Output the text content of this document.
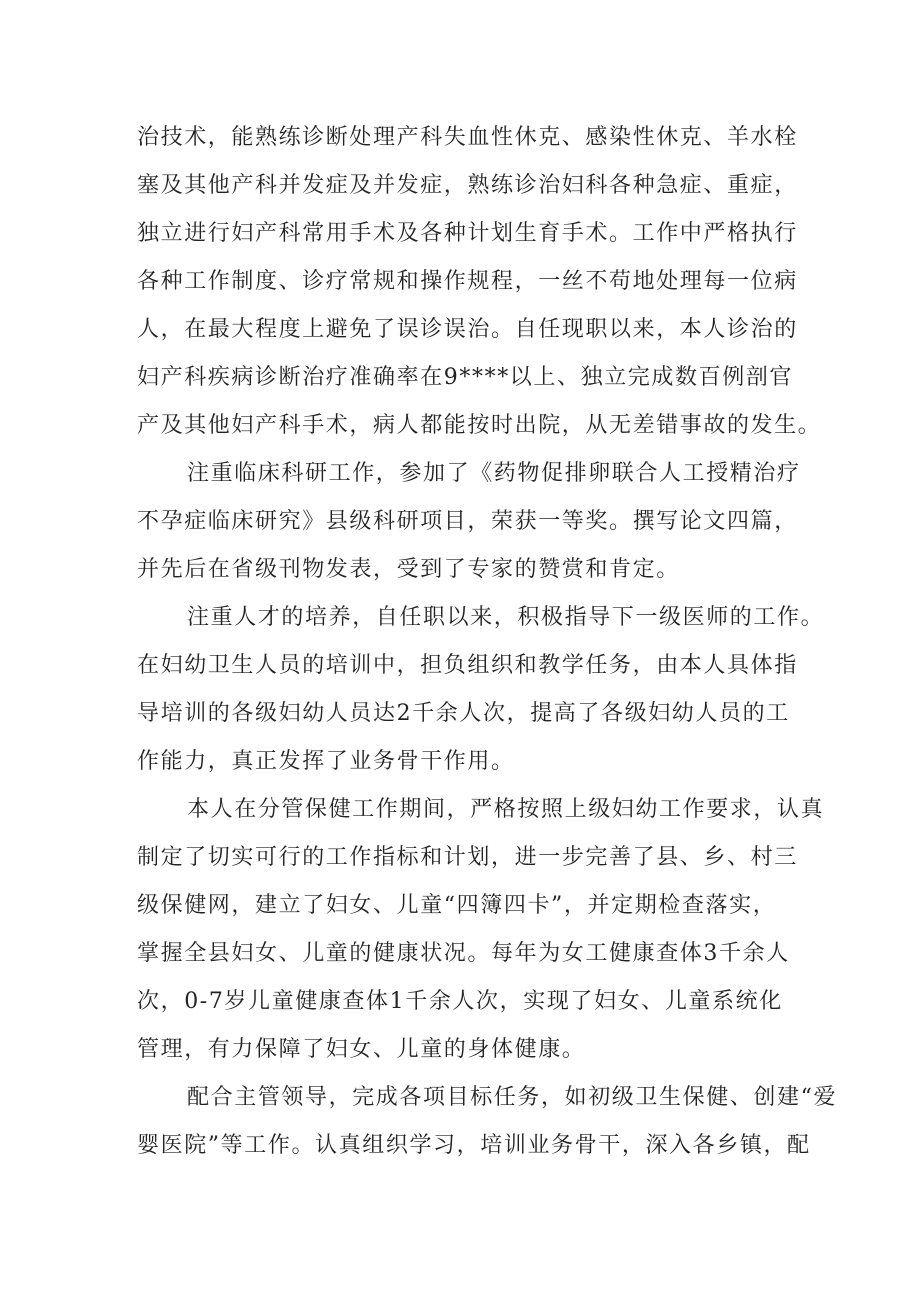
治技术，能熟练诊断处理产科失血性休克、感染性休克、羊水栓
塞及其他产科并发症及并发症，熟练诊治妇科各种急症、重症，
独立进行妇产科常用手术及各种计划生育手术。工作中严格执行
各种工作制度、诊疗常规和操作规程，一丝不苟地处理每一位病
人，在最大程度上避免了误诊误治。自任现职以来，本人诊治的
妇产科疾病诊断治疗准确率在9****以上、独立完成数百例剖官
产及其他妇产科手术，病人都能按时出院，从无差错事故的发生。
注重临床科研工作，参加了《药物促排卵联合人工授精治疗
不孕症临床研究》县级科研项目，荣获一等奖。撰写论文四篇，
并先后在省级刊物发表，受到了专家的赞赏和肯定。
注重人才的培养，自任职以来，积极指导下一级医师的工作。
在妇幼卫生人员的培训中，担负组织和教学任务，由本人具体指
导培训的各级妇幼人员达2千余人次，提高了各级妇幼人员的工
作能力，真正发挥了业务骨干作用。
本人在分管保健工作期间，严格按照上级妇幼工作要求，认真
制定了切实可行的工作指标和计划，进一步完善了县、乡、村三
级保健网，建立了妇女、儿童“四簿四卡”，并定期检查落实，
掌握全县妇女、儿童的健康状况。每年为女工健康查体3千余人
次，0-7岁儿童健康查体1千余人次，实现了妇女、儿童系统化
管理，有力保障了妇女、儿童的身体健康。
配合主管领导，完成各项目标任务，如初级卫生保健、创建“爱
婴医院”等工作。认真组织学习，培训业务骨干，深入各乡镇，配
